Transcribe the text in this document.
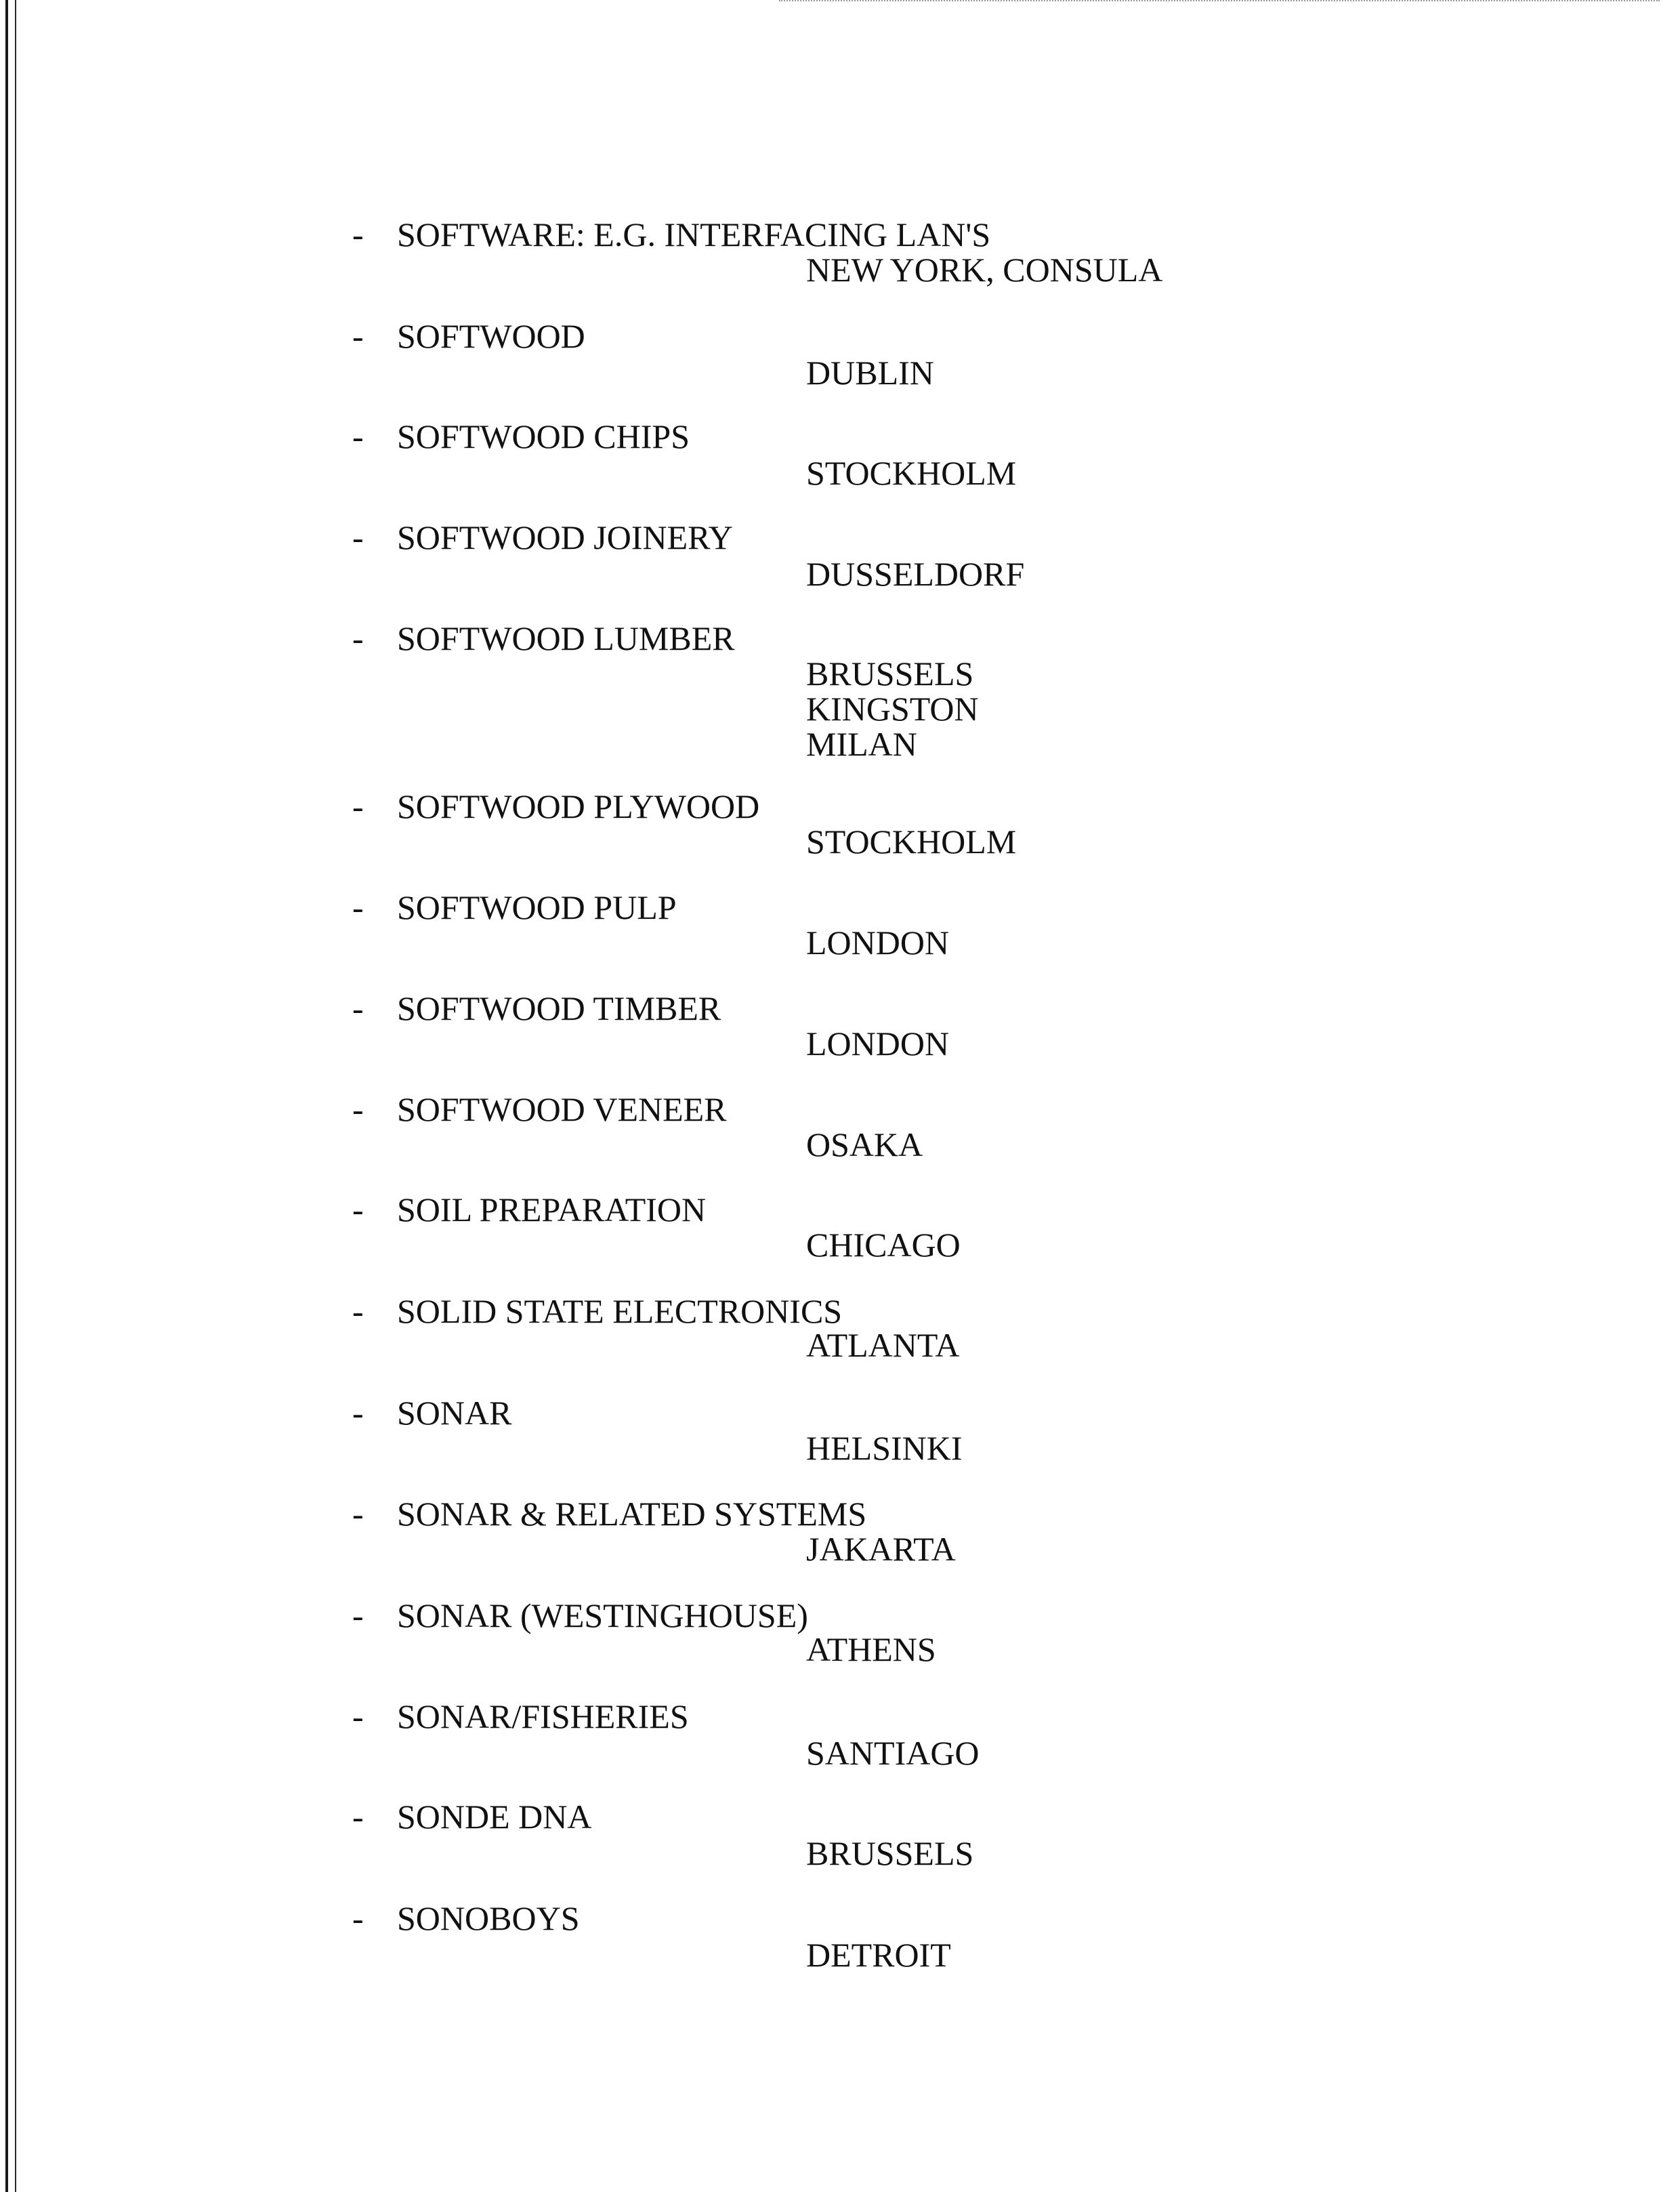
- SOFTWARE: E.G. INTERFACING LAN'S
NEW YORK, CONSULA
- SOFTWOOD
DUBLIN
- SOFTWOOD CHIPS
STOCKHOLM
- SOFTWOOD JOINERY
DUSSELDORF
- SOFTWOOD LUMBER
BRUSSELS
KINGSTON
MILAN
- SOFTWOOD PLYWOOD
STOCKHOLM
- SOFTWOOD PULP
LONDON
- SOFTWOOD TIMBER
LONDON
- SOFTWOOD VENEER
OSAKA
- SOIL PREPARATION
CHICAGO
- SOLID STATE ELECTRONICS
ATLANTA
- SONAR
HELSINKI
- SONAR & RELATED SYSTEMS
JAKARTA
- SONAR (WESTINGHOUSE)
ATHENS
- SONAR/FISHERIES
SANTIAGO
- SONDE DNA
BRUSSELS
- SONOBOYS
DETROIT
